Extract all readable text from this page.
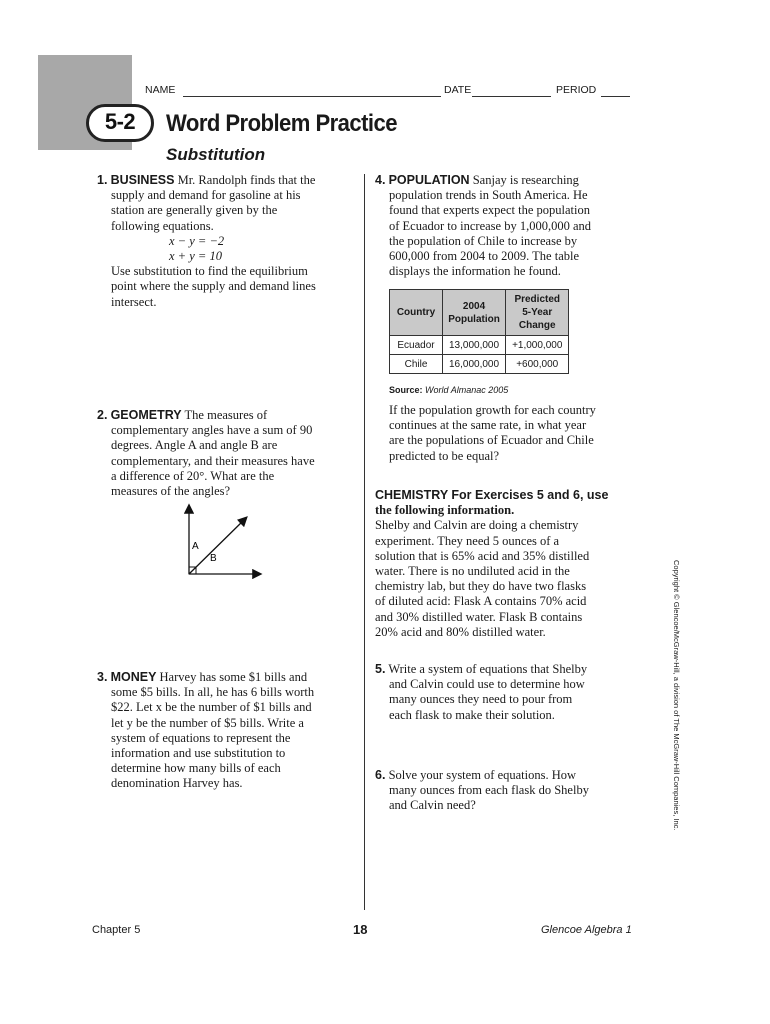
NAME	DATE	PERIOD
5-2	Word Problem Practice
Substitution
1. BUSINESS Mr. Randolph finds that the
supply and demand for gasoline at his
station are generally given by the
following equations.
x − y = −2
x + y = 10
Use substitution to find the equilibrium
point where the supply and demand lines
intersect.
2. GEOMETRY The measures of
complementary angles have a sum of 90
degrees. Angle A and angle B are
complementary, and their measures have
a difference of 20°. What are the
measures of the angles?
A
B
3. MONEY Harvey has some $1 bills and
some $5 bills. In all, he has 6 bills worth
$22. Let x be the number of $1 bills and
let y be the number of $5 bills. Write a
system of equations to represent the
information and use substitution to
determine how many bills of each
denomination Harvey has.
4. POPULATION Sanjay is researching
population trends in South America. He
found that experts expect the population
of Ecuador to increase by 1,000,000 and
the population of Chile to increase by
600,000 from 2004 to 2009. The table
displays the information he found.
Country	2004 Population	Predicted 5-Year Change
Ecuador	13,000,000	+1,000,000
Chile	16,000,000	+600,000
Source: World Almanac 2005
If the population growth for each country
continues at the same rate, in what year
are the populations of Ecuador and Chile
predicted to be equal?
CHEMISTRY For Exercises 5 and 6, use
the following information.
Shelby and Calvin are doing a chemistry
experiment. They need 5 ounces of a
solution that is 65% acid and 35% distilled
water. There is no undiluted acid in the
chemistry lab, but they do have two flasks
of diluted acid: Flask A contains 70% acid
and 30% distilled water. Flask B contains
20% acid and 80% distilled water.
5. Write a system of equations that Shelby
and Calvin could use to determine how
many ounces they need to pour from
each flask to make their solution.
6. Solve your system of equations. How
many ounces from each flask do Shelby
and Calvin need?	Copyright © Glencoe/McGraw-Hill, a division of The McGraw-Hill Companies, Inc.
Chapter 5	18	Glencoe Algebra 1
